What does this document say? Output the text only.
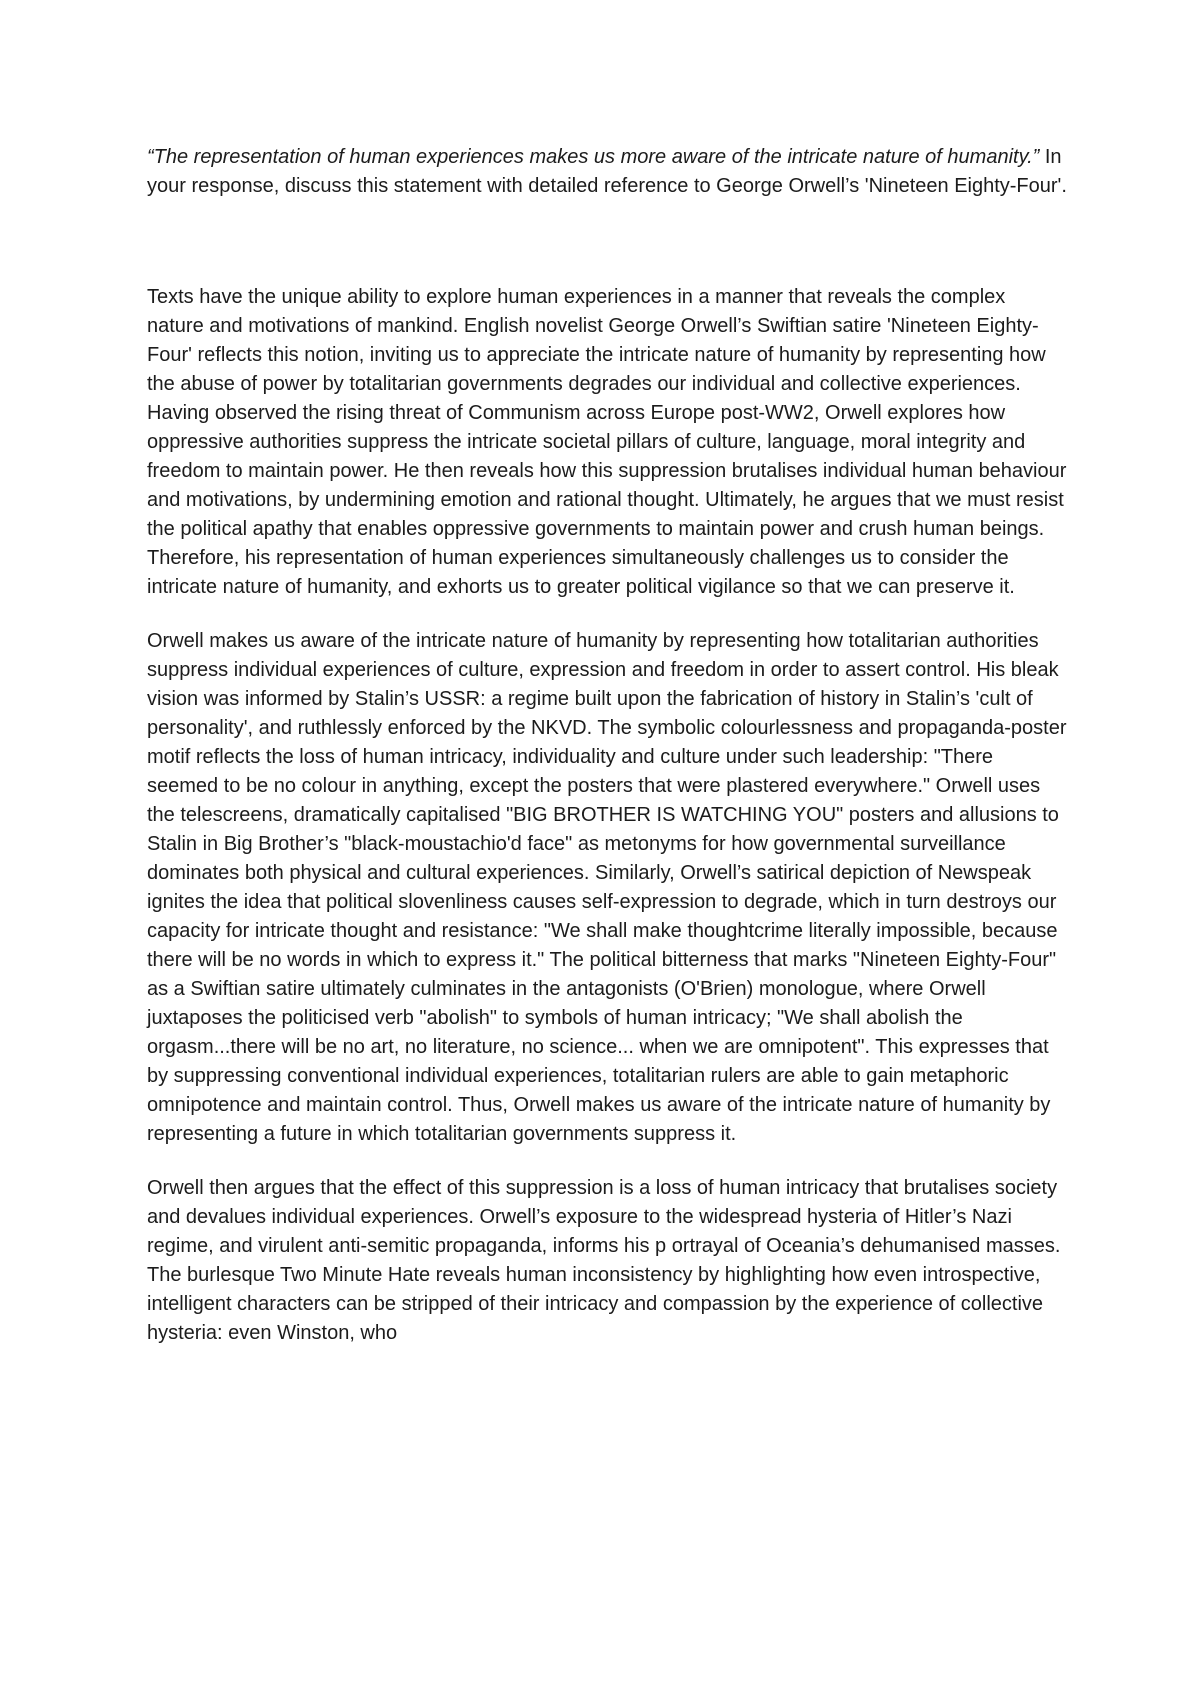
“The representation of human experiences makes us more aware of the intricate nature of humanity.” In your response, discuss this statement with detailed reference to George Orwell’s 'Nineteen Eighty-Four'.

Texts have the unique ability to explore human experiences in a manner that reveals the complex nature and motivations of mankind. English novelist George Orwell’s Swiftian satire 'Nineteen Eighty-Four' reflects this notion, inviting us to appreciate the intricate nature of humanity by representing how the abuse of power by totalitarian governments degrades our individual and collective experiences. Having observed the rising threat of Communism across Europe post-WW2, Orwell explores how oppressive authorities suppress the intricate societal pillars of culture, language, moral integrity and freedom to maintain power. He then reveals how this suppression brutalises individual human behaviour and motivations, by undermining emotion and rational thought. Ultimately, he argues that we must resist the political apathy that enables oppressive governments to maintain power and crush human beings. Therefore, his representation of human experiences simultaneously challenges us to consider the intricate nature of humanity, and exhorts us to greater political vigilance so that we can preserve it.

Orwell makes us aware of the intricate nature of humanity by representing how totalitarian authorities suppress individual experiences of culture, expression and freedom in order to assert control. His bleak vision was informed by Stalin’s USSR: a regime built upon the fabrication of history in Stalin’s 'cult of personality', and ruthlessly enforced by the NKVD. The symbolic colourlessness and propaganda-poster motif reflects the loss of human intricacy, individuality and culture under such leadership: "There seemed to be no colour in anything, except the posters that were plastered everywhere." Orwell uses the telescreens, dramatically capitalised "BIG BROTHER IS WATCHING YOU" posters and allusions to Stalin in Big Brother’s "black-moustachio'd face" as metonyms for how governmental surveillance dominates both physical and cultural experiences. Similarly, Orwell’s satirical depiction of Newspeak ignites the idea that political slovenliness causes self-expression to degrade, which in turn destroys our capacity for intricate thought and resistance: "We shall make thoughtcrime literally impossible, because there will be no words in which to express it." The political bitterness that marks "Nineteen Eighty-Four" as a Swiftian satire ultimately culminates in the antagonists (O'Brien) monologue, where Orwell juxtaposes the politicised verb "abolish" to symbols of human intricacy; "We shall abolish the orgasm...there will be no art, no literature, no science... when we are omnipotent". This expresses that by suppressing conventional individual experiences, totalitarian rulers are able to gain metaphoric omnipotence and maintain control. Thus, Orwell makes us aware of the intricate nature of humanity by representing a future in which totalitarian governments suppress it.

Orwell then argues that the effect of this suppression is a loss of human intricacy that brutalises society and devalues individual experiences. Orwell’s exposure to the widespread hysteria of Hitler’s Nazi regime, and virulent anti-semitic propaganda, informs his p ortrayal of Oceania’s dehumanised masses. The burlesque Two Minute Hate reveals human inconsistency by highlighting how even introspective, intelligent characters can be stripped of their intricacy and compassion by the experience of collective hysteria: even Winston, who
